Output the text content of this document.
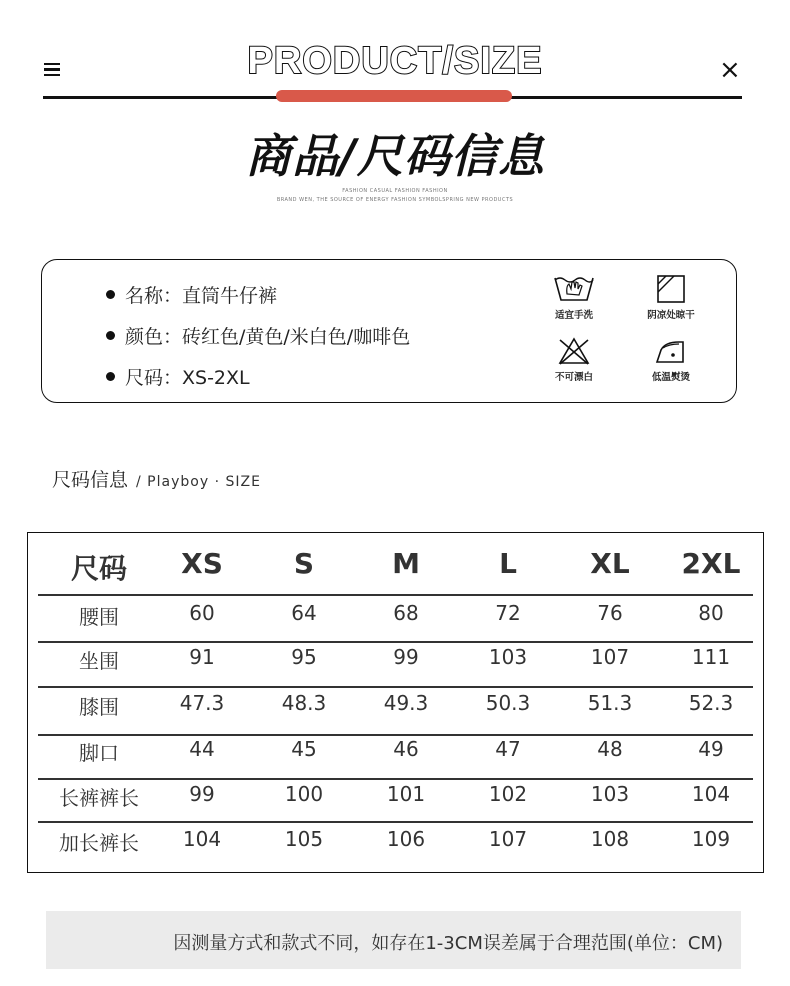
PRODUCT/SIZE	×
商品/尺码信息
FASHION CASUAL FASHION FASHION
BRAND WEN, THE SOURCE OF ENERGY FASHION SYMBOLSPRING NEW PRODUCTS
名称：直筒牛仔裤
颜色：砖红色/黄色/米白色/咖啡色
尺码：XS-2XL
适宜手洗	阴凉处晾干
不可漂白	低温熨烫
尺码信息 / Playboy · SIZE
尺码	XS	S	M	L	XL	2XL
腰围	60	64	68	72	76	80
坐围	91	95	99	103	107	111
膝围	47.3	48.3	49.3	50.3	51.3	52.3
脚口	44	45	46	47	48	49
长裤裤长	99	100	101	102	103	104
加长裤长	104	105	106	107	108	109
因测量方式和款式不同，如存在1-3CM误差属于合理范围(单位：CM)
